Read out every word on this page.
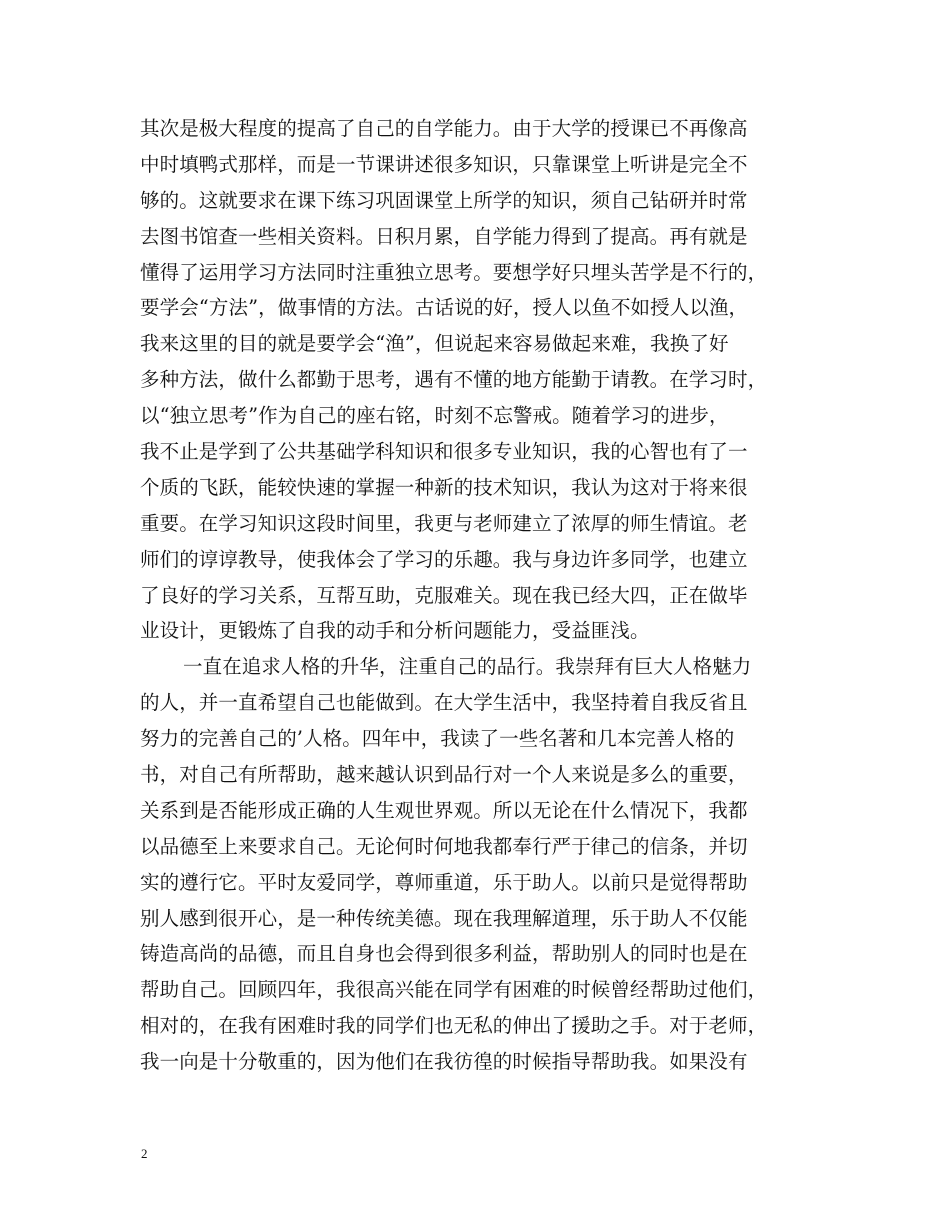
其次是极大程度的提高了自己的自学能力。由于大学的授课已不再像高
中时填鸭式那样，而是一节课讲述很多知识，只靠课堂上听讲是完全不
够的。这就要求在课下练习巩固课堂上所学的知识，须自己钻研并时常
去图书馆查一些相关资料。日积月累，自学能力得到了提高。再有就是
懂得了运用学习方法同时注重独立思考。要想学好只埋头苦学是不行的，
要学会“方法”，做事情的方法。古话说的好，授人以鱼不如授人以渔，
我来这里的目的就是要学会“渔”，但说起来容易做起来难，我换了好
多种方法，做什么都勤于思考，遇有不懂的地方能勤于请教。在学习时，
以“独立思考”作为自己的座右铭，时刻不忘警戒。随着学习的进步，
我不止是学到了公共基础学科知识和很多专业知识，我的心智也有了一
个质的飞跃，能较快速的掌握一种新的技术知识，我认为这对于将来很
重要。在学习知识这段时间里，我更与老师建立了浓厚的师生情谊。老
师们的谆谆教导，使我体会了学习的乐趣。我与身边许多同学，也建立
了良好的学习关系，互帮互助，克服难关。现在我已经大四，正在做毕
业设计，更锻炼了自我的动手和分析问题能力，受益匪浅。
一直在追求人格的升华，注重自己的品行。我崇拜有巨大人格魅力
的人，并一直希望自己也能做到。在大学生活中，我坚持着自我反省且
努力的完善自己的’人格。四年中，我读了一些名著和几本完善人格的
书，对自己有所帮助，越来越认识到品行对一个人来说是多么的重要，
关系到是否能形成正确的人生观世界观。所以无论在什么情况下，我都
以品德至上来要求自己。无论何时何地我都奉行严于律己的信条，并切
实的遵行它。平时友爱同学，尊师重道，乐于助人。以前只是觉得帮助
别人感到很开心，是一种传统美德。现在我理解道理，乐于助人不仅能
铸造高尚的品德，而且自身也会得到很多利益，帮助别人的同时也是在
帮助自己。回顾四年，我很高兴能在同学有困难的时候曾经帮助过他们，
相对的，在我有困难时我的同学们也无私的伸出了援助之手。对于老师，
我一向是十分敬重的，因为他们在我彷徨的时候指导帮助我。如果没有
2
